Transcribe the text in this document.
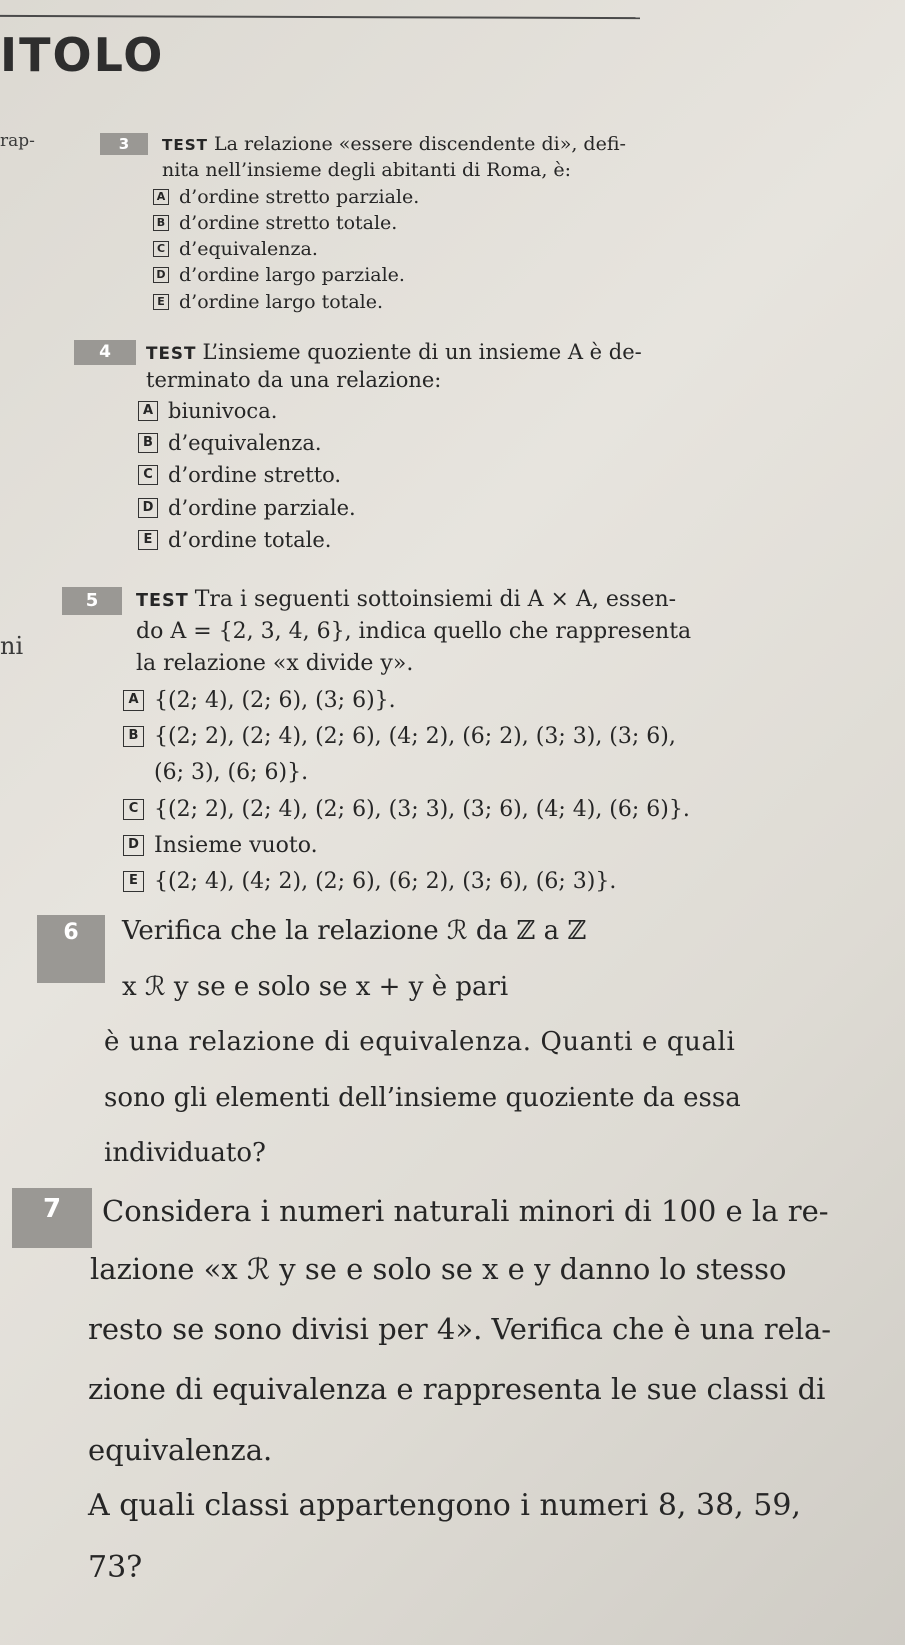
ITOLO
rap-
ni
3	TEST La relazione «essere discendente di», defi-
nita nell’insieme degli abitanti di Roma, è:
A d’ordine stretto parziale.
B d’ordine stretto totale.
C d’equivalenza.
D d’ordine largo parziale.
E d’ordine largo totale.
4	TEST L’insieme quoziente di un insieme A è de-
terminato da una relazione:
A biunivoca.
B d’equivalenza.
C d’ordine stretto.
D d’ordine parziale.
E d’ordine totale.
5	TEST Tra i seguenti sottoinsiemi di A × A, essen-
do A = {2, 3, 4, 6}, indica quello che rappresenta
la relazione «x divide y».
A {(2; 4), (2; 6), (3; 6)}.
B {(2; 2), (2; 4), (2; 6), (4; 2), (6; 2), (3; 3), (3; 6),
(6; 3), (6; 6)}.
C {(2; 2), (2; 4), (2; 6), (3; 3), (3; 6), (4; 4), (6; 6)}.
D Insieme vuoto.
E {(2; 4), (4; 2), (2; 6), (6; 2), (3; 6), (6; 3)}.
6	Verifica che la relazione ℛ da ℤ a ℤ
x ℛ y se e solo se x + y è pari
è una relazione di equivalenza. Quanti e quali
sono gli elementi dell’insieme quoziente da essa
individuato?
7	Considera i numeri naturali minori di 100 e la re-
lazione «x ℛ y se e solo se x e y danno lo stesso
resto se sono divisi per 4». Verifica che è una rela-
zione di equivalenza e rappresenta le sue classi di
equivalenza.
A quali classi appartengono i numeri 8, 38, 59,
73?
